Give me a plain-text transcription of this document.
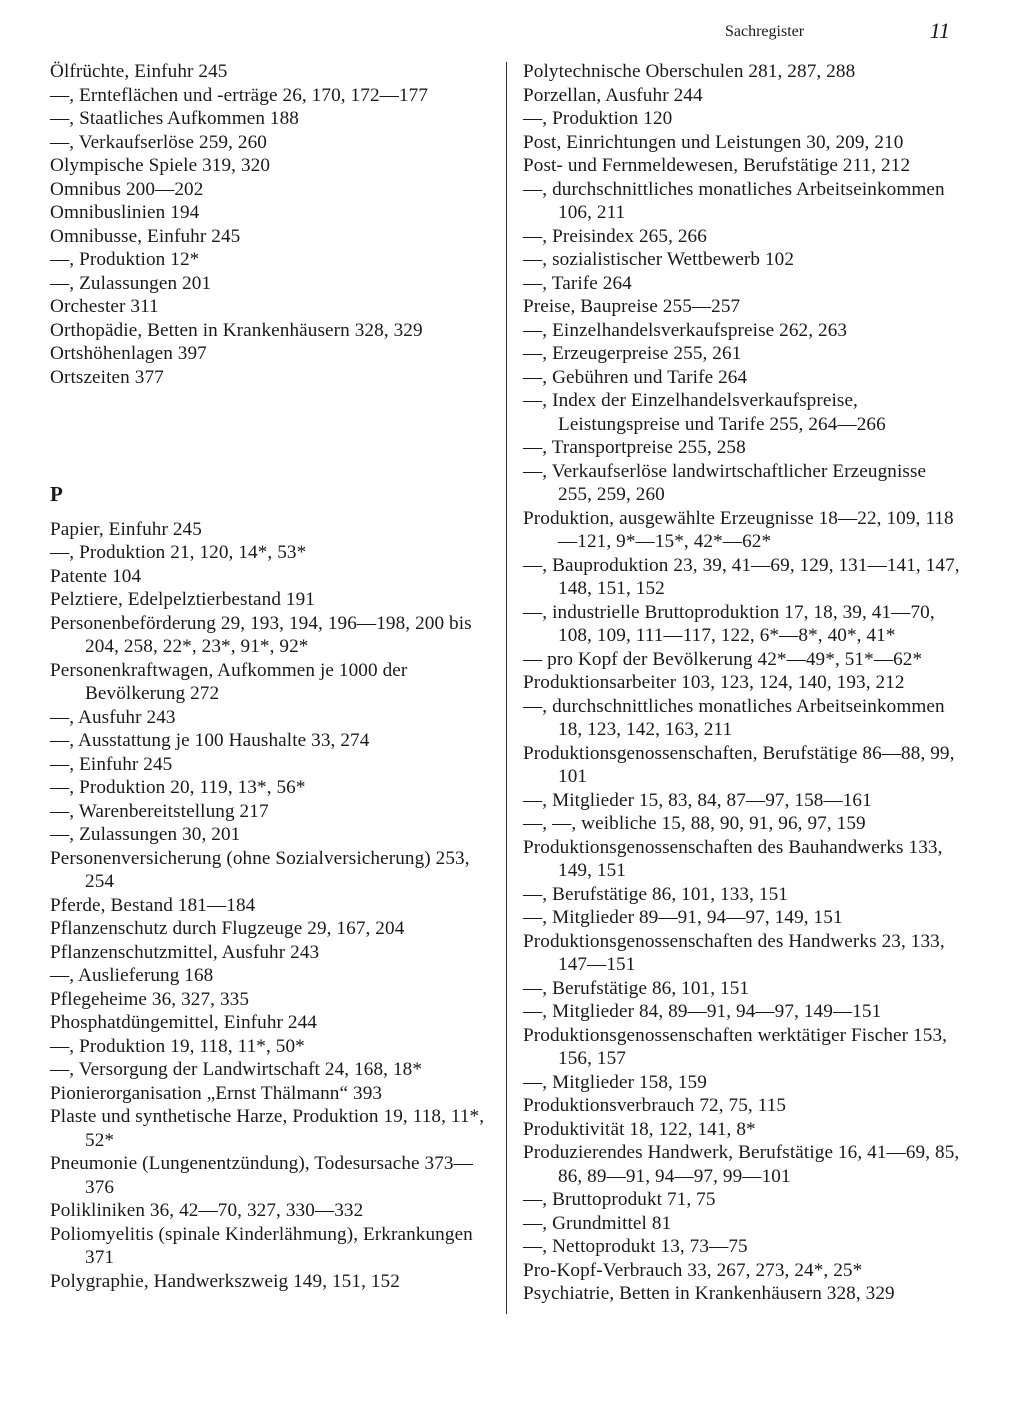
Sachregister	11

Ölfrüchte, Einfuhr 245

—, Ernteflächen und -erträge 26, 170, 172—177

—, Staatliches Aufkommen 188

—, Verkaufserlöse 259, 260

Olympische Spiele 319, 320

Omnibus 200—202

Omnibuslinien 194

Omnibusse, Einfuhr 245

—, Produktion 12*

—, Zulassungen 201

Orchester 311

Orthopädie, Betten in Krankenhäusern 328, 329

Ortshöhenlagen 397

Ortszeiten 377

P

Papier, Einfuhr 245

—, Produktion 21, 120, 14*, 53*

Patente 104

Pelztiere, Edelpelztierbestand 191

Personenbeförderung 29, 193, 194, 196—198, 200 bis 204, 258, 22*, 23*, 91*, 92*

Personenkraftwagen, Aufkommen je 1000 der Bevölkerung 272

—, Ausfuhr 243

—, Ausstattung je 100 Haushalte 33, 274

—, Einfuhr 245

—, Produktion 20, 119, 13*, 56*

—, Warenbereitstellung 217

—, Zulassungen 30, 201

Personenversicherung (ohne Sozialversicherung) 253, 254

Pferde, Bestand 181—184

Pflanzenschutz durch Flugzeuge 29, 167, 204

Pflanzenschutzmittel, Ausfuhr 243

—, Auslieferung 168

Pflegeheime 36, 327, 335

Phosphatdüngemittel, Einfuhr 244

—, Produktion 19, 118, 11*, 50*

—, Versorgung der Landwirtschaft 24, 168, 18*

Pionierorganisation „Ernst Thälmann“ 393

Plaste und synthetische Harze, Produktion 19, 118, 11*, 52*

Pneumonie (Lungenentzündung), Todesursache 373—376

Polikliniken 36, 42—70, 327, 330—332

Poliomyelitis (spinale Kinderlähmung), Erkrankungen 371

Polygraphie, Handwerkszweig 149, 151, 152

Polytechnische Oberschulen 281, 287, 288

Porzellan, Ausfuhr 244

—, Produktion 120

Post, Einrichtungen und Leistungen 30, 209, 210

Post- und Fernmeldewesen, Berufstätige 211, 212

—, durchschnittliches monatliches Arbeitseinkommen 106, 211

—, Preisindex 265, 266

—, sozialistischer Wettbewerb 102

—, Tarife 264

Preise, Baupreise 255—257

—, Einzelhandelsverkaufspreise 262, 263

—, Erzeugerpreise 255, 261

—, Gebühren und Tarife 264

—, Index der Einzelhandelsverkaufspreise, Leistungspreise und Tarife 255, 264—266

—, Transportpreise 255, 258

—, Verkaufserlöse landwirtschaftlicher Erzeugnisse 255, 259, 260

Produktion, ausgewählte Erzeugnisse 18—22, 109, 118—121, 9*—15*, 42*—62*

—, Bauproduktion 23, 39, 41—69, 129, 131—141, 147, 148, 151, 152

—, industrielle Bruttoproduktion 17, 18, 39, 41—70, 108, 109, 111—117, 122, 6*—8*, 40*, 41*

— pro Kopf der Bevölkerung 42*—49*, 51*—62*

Produktionsarbeiter 103, 123, 124, 140, 193, 212

—, durchschnittliches monatliches Arbeitseinkommen 18, 123, 142, 163, 211

Produktionsgenossenschaften, Berufstätige 86—88, 99, 101

—, Mitglieder 15, 83, 84, 87—97, 158—161

—, —, weibliche 15, 88, 90, 91, 96, 97, 159

Produktionsgenossenschaften des Bauhandwerks 133, 149, 151

—, Berufstätige 86, 101, 133, 151

—, Mitglieder 89—91, 94—97, 149, 151

Produktionsgenossenschaften des Handwerks 23, 133, 147—151

—, Berufstätige 86, 101, 151

—, Mitglieder 84, 89—91, 94—97, 149—151

Produktionsgenossenschaften werktätiger Fischer 153, 156, 157

—, Mitglieder 158, 159

Produktionsverbrauch 72, 75, 115

Produktivität 18, 122, 141, 8*

Produzierendes Handwerk, Berufstätige 16, 41—69, 85, 86, 89—91, 94—97, 99—101

—, Bruttoprodukt 71, 75

—, Grundmittel 81

—, Nettoprodukt 13, 73—75

Pro-Kopf-Verbrauch 33, 267, 273, 24*, 25*

Psychiatrie, Betten in Krankenhäusern 328, 329
